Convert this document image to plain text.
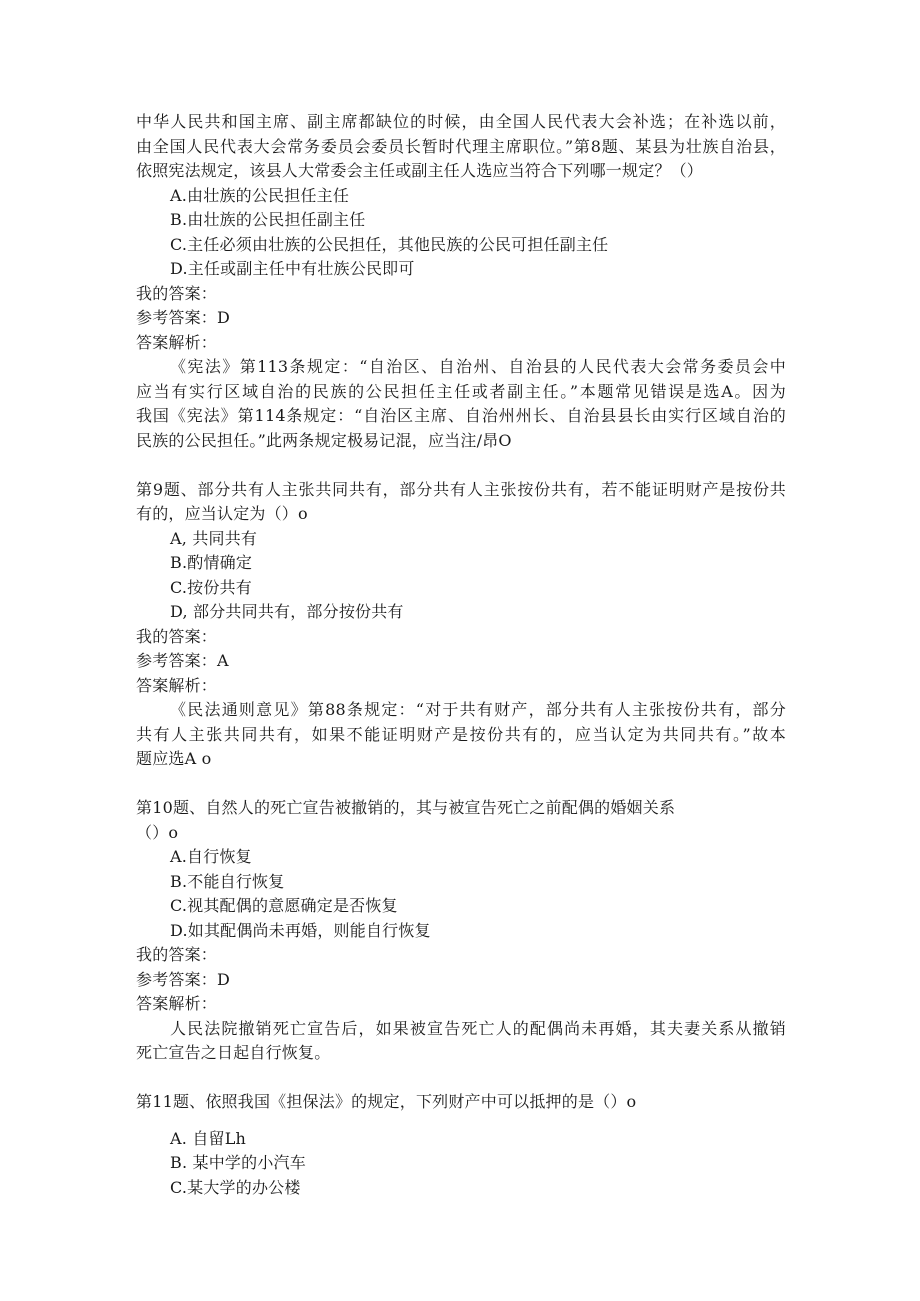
中华人民共和国主席、副主席都缺位的时候，由全国人民代表大会补选；在补选以前，
由全国人民代表大会常务委员会委员长暂时代理主席职位。”第8题、某县为壮族自治县，
依照宪法规定，该县人大常委会主任或副主任人选应当符合下列哪一规定？（）
A.由壮族的公民担任主任
B.由壮族的公民担任副主任
C.主任必须由壮族的公民担任，其他民族的公民可担任副主任
D.主任或副主任中有壮族公民即可
我的答案：
参考答案：D
答案解析：
《宪法》第113条规定：“自治区、自治州、自治县的人民代表大会常务委员会中
应当有实行区域自治的民族的公民担任主任或者副主任。”本题常见错误是选A。因为
我国《宪法》第114条规定：“自治区主席、自治州州长、自治县县长由实行区域自治的
民族的公民担任。”此两条规定极易记混，应当注/昂O
第9题、部分共有人主张共同共有，部分共有人主张按份共有，若不能证明财产是按份共
有的，应当认定为（）o
A, 共同共有
B.酌情确定
C.按份共有
D, 部分共同共有，部分按份共有
我的答案：
参考答案：A
答案解析：
《民法通则意见》第88条规定：“对于共有财产，部分共有人主张按份共有，部分
共有人主张共同共有，如果不能证明财产是按份共有的，应当认定为共同共有。”故本
题应选A o
第10题、自然人的死亡宣告被撤销的，其与被宣告死亡之前配偶的婚姻关系
（）o
A.自行恢复
B.不能自行恢复
C.视其配偶的意愿确定是否恢复
D.如其配偶尚未再婚，则能自行恢复
我的答案：
参考答案：D
答案解析：
人民法院撤销死亡宣告后，如果被宣告死亡人的配偶尚未再婚，其夫妻关系从撤销
死亡宣告之日起自行恢复。
第11题、依照我国《担保法》的规定，下列财产中可以抵押的是（）o
A. 自留Lh
B. 某中学的小汽车
C.某大学的办公楼
